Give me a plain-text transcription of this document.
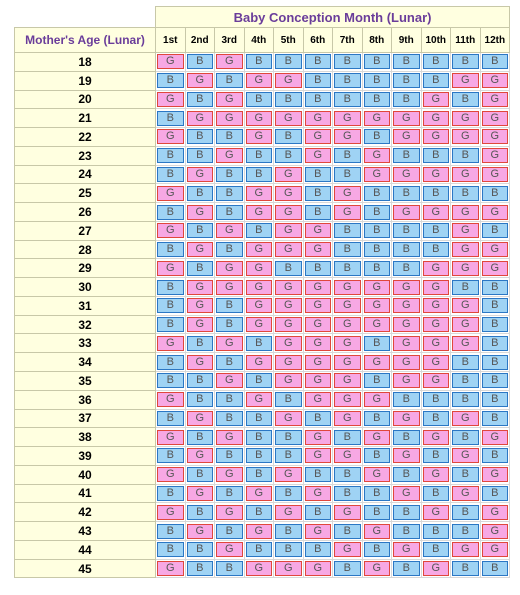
	Baby Conception Month (Lunar)											
Mother's Age (Lunar)	1st	2nd	3rd	4th	5th	6th	7th	8th	9th	10th	11th	12th
18	G	B	G	B	B	B	B	B	B	B	B	B

19	B	G	B	G	G	B	B	B	B	B	G	G

20	G	B	G	B	B	B	B	B	B	G	B	G

21	B	G	G	G	G	G	G	G	G	G	G	G

22	G	B	B	G	B	G	G	B	G	G	G	G

23	B	B	G	B	B	G	B	G	B	B	B	G

24	B	G	B	B	G	B	B	G	G	G	G	G

25	G	B	B	G	G	B	G	B	B	B	B	B

26	B	G	B	G	G	B	G	B	G	G	G	G

27	G	B	G	B	G	G	B	B	B	B	G	B

28	B	G	B	G	G	G	B	B	B	B	G	G

29	G	B	G	G	B	B	B	B	B	G	G	G

30	B	G	G	G	G	G	G	G	G	G	B	B

31	B	G	B	G	G	G	G	G	G	G	G	B

32	B	G	B	G	G	G	G	G	G	G	G	B

33	G	B	G	B	G	G	G	B	G	G	G	B

34	B	G	B	G	G	G	G	G	G	G	B	B

35	B	B	G	B	G	G	G	B	G	G	B	B

36	G	B	B	G	B	G	G	G	B	B	B	B

37	B	G	B	B	G	B	G	B	G	B	G	B

38	G	B	G	B	B	G	B	G	B	G	B	G

39	B	G	B	B	B	G	G	B	G	B	G	B

40	G	B	G	B	G	B	B	G	B	G	B	G

41	B	G	B	G	B	G	B	B	G	B	G	B

42	G	B	G	B	G	B	G	B	B	G	B	G

43	B	G	B	G	B	G	B	G	B	B	B	G

44	B	B	G	B	B	B	G	B	G	B	G	G

45	G	B	B	G	G	G	B	G	B	G	B	B
